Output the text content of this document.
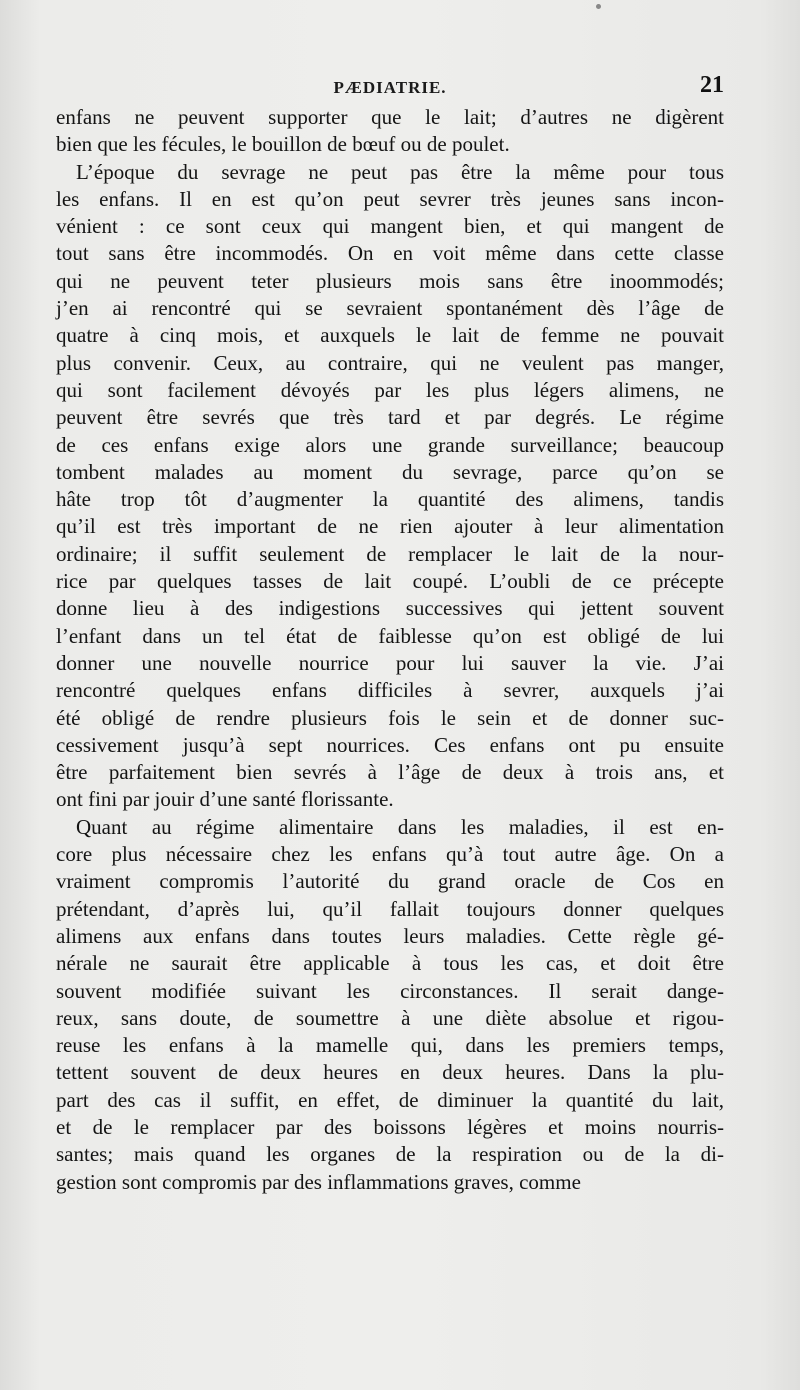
PÆDIATRIE.	21
enfans ne peuvent supporter que le lait; d’autres ne digèrent
bien que les fécules, le bouillon de bœuf ou de poulet.
L’époque du sevrage ne peut pas être la même pour tous
les enfans. Il en est qu’on peut sevrer très jeunes sans incon-
vénient : ce sont ceux qui mangent bien, et qui mangent de
tout sans être incommodés. On en voit même dans cette classe
qui ne peuvent teter plusieurs mois sans être inoommodés;
j’en ai rencontré qui se sevraient spontanément dès l’âge de
quatre à cinq mois, et auxquels le lait de femme ne pouvait
plus convenir. Ceux, au contraire, qui ne veulent pas manger,
qui sont facilement dévoyés par les plus légers alimens, ne
peuvent être sevrés que très tard et par degrés. Le régime
de ces enfans exige alors une grande surveillance; beaucoup
tombent malades au moment du sevrage, parce qu’on se
hâte trop tôt d’augmenter la quantité des alimens, tandis
qu’il est très important de ne rien ajouter à leur alimentation
ordinaire; il suffit seulement de remplacer le lait de la nour-
rice par quelques tasses de lait coupé. L’oubli de ce précepte
donne lieu à des indigestions successives qui jettent souvent
l’enfant dans un tel état de faiblesse qu’on est obligé de lui
donner une nouvelle nourrice pour lui sauver la vie. J’ai
rencontré quelques enfans difficiles à sevrer, auxquels j’ai
été obligé de rendre plusieurs fois le sein et de donner suc-
cessivement jusqu’à sept nourrices. Ces enfans ont pu ensuite
être parfaitement bien sevrés à l’âge de deux à trois ans, et
ont fini par jouir d’une santé florissante.
Quant au régime alimentaire dans les maladies, il est en-
core plus nécessaire chez les enfans qu’à tout autre âge. On a
vraiment compromis l’autorité du grand oracle de Cos en
prétendant, d’après lui, qu’il fallait toujours donner quelques
alimens aux enfans dans toutes leurs maladies. Cette règle gé-
nérale ne saurait être applicable à tous les cas, et doit être
souvent modifiée suivant les circonstances. Il serait dange-
reux, sans doute, de soumettre à une diète absolue et rigou-
reuse les enfans à la mamelle qui, dans les premiers temps,
tettent souvent de deux heures en deux heures. Dans la plu-
part des cas il suffit, en effet, de diminuer la quantité du lait,
et de le remplacer par des boissons légères et moins nourris-
santes; mais quand les organes de la respiration ou de la di-
gestion sont compromis par des inflammations graves, comme
